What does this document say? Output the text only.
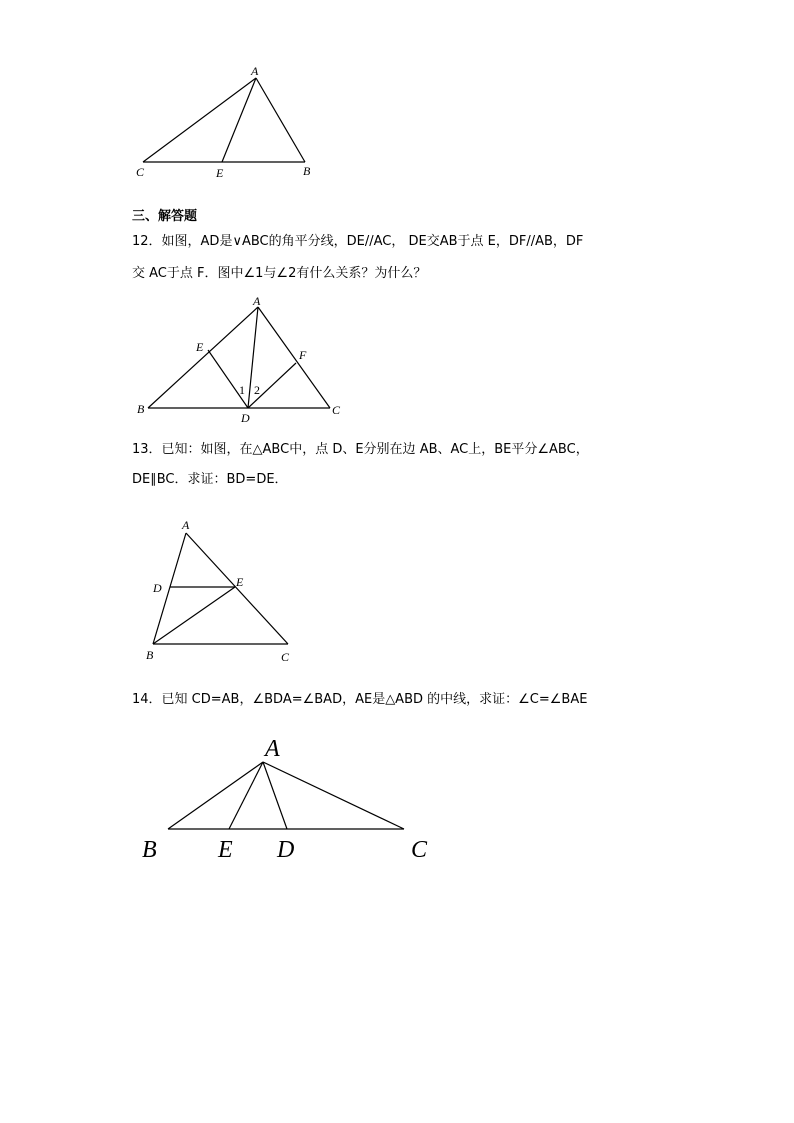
A
C	E	B
三、解答题
12．如图，AD是∨ABC的角平分线，DE//AC， DE交AB于点 E，DF//AB，DF
交 AC于点 F．图中∠1与∠2有什么关系？为什么？
A
E
F
B	C
D
1 2
13．已知：如图，在△ABC中，点 D、E分别在边 AB、AC上，BE平分∠ABC，
DE∥BC．求证：BD=DE．
A
D	E
B	C
14．已知 CD=AB，∠BDA=∠BAD，AE是△ABD 的中线，求证：∠C=∠BAE
A
B	E D	C
